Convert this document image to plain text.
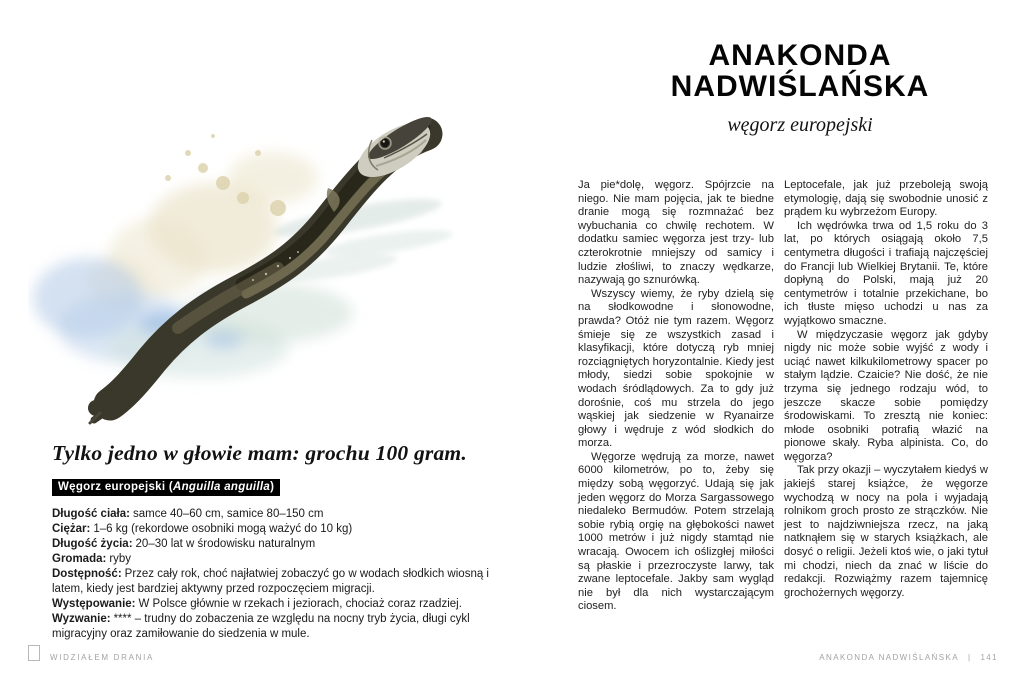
Tylko jedno w głowie mam: grochu 100 gram.
Węgorz europejski (Anguilla anguilla)

Długość ciała: samce 40–60 cm, samice 80–150 cm

Ciężar: 1–6 kg (rekordowe osobniki mogą ważyć do 10 kg)

Długość życia: 20–30 lat w środowisku naturalnym

Gromada: ryby

Dostępność: Przez cały rok, choć najłatwiej zobaczyć go w wodach słodkich wiosną i latem, kiedy jest bardziej aktywny przed rozpoczęciem migracji.

Występowanie: W Polsce głównie w rzekach i jeziorach, chociaż coraz rzadziej.

Wyzwanie: **** – trudny do zobaczenia ze względu na nocny tryb życia, długi cykl migracyjny oraz zamiłowanie do siedzenia w mule.

ANAKONDA NADWIŚLAŃSKA
węgorz europejski

Ja pie*dolę, węgorz. Spójrzcie na niego. Nie mam pojęcia, jak te biedne dranie mogą się rozmnażać bez wybuchania co chwilę rechotem. W dodatku samiec węgorza jest trzy- lub czterokrotnie mniejszy od samicy i ludzie złośliwi, to znaczy wędkarze, nazywają go sznurówką.

Wszyscy wiemy, że ryby dzielą się na słodkowodne i słonowodne, prawda? Otóż nie tym razem. Węgorz śmieje się ze wszystkich zasad i klasyfikacji, które dotyczą ryb mniej rozciągniętych horyzontalnie. Kiedy jest młody, siedzi sobie spokojnie w wodach śródlądowych. Za to gdy już dorośnie, coś mu strzela do jego wąskiej jak siedzenie w Ryanairze głowy i wędruje z wód słodkich do morza.

Węgorze wędrują za morze, nawet 6000 kilometrów, po to, żeby się między sobą węgorzyć. Udają się jak jeden węgorz do Morza Sargassowego niedaleko Bermudów. Potem strzelają sobie rybią orgię na głębokości nawet 1000 metrów i już nigdy stamtąd nie wracają. Owocem ich oślizgłej miłości są płaskie i przezroczyste larwy, tak zwane leptocefale. Jakby sam wygląd nie był dla nich wystarczającym ciosem.

Leptocefale, jak już przeboleją swoją etymologię, dają się swobodnie unosić z prądem ku wybrzeżom Europy.

Ich wędrówka trwa od 1,5 roku do 3 lat, po których osiągają około 7,5 centymetra długości i trafiają najczęściej do Francji lub Wielkiej Brytanii. Te, które dopłyną do Polski, mają już 20 centymetrów i totalnie przekichane, bo ich tłuste mięso uchodzi u nas za wyjątkowo smaczne.

W międzyczasie węgorz jak gdyby nigdy nic może sobie wyjść z wody i uciąć nawet kilkukilometrowy spacer po stałym lądzie. Czaicie? Nie dość, że nie trzyma się jednego rodzaju wód, to jeszcze skacze sobie pomiędzy środowiskami. To zresztą nie koniec: młode osobniki potrafią włazić na pionowe skały. Ryba alpinista. Co, do węgorza?

Tak przy okazji – wyczytałem kiedyś w jakiejś starej książce, że węgorze wychodzą w nocy na pola i wyjadają rolnikom groch prosto ze strączków. Nie jest to najdziwniejsza rzecz, na jaką natknąłem się w starych książkach, ale dosyć o religii. Jeżeli ktoś wie, o jaki tytuł mi chodzi, niech da znać w liście do redakcji. Rozwiążmy razem tajemnicę grochożernych węgorzy.

WIDZIAŁEM DRANIA	ANAKONDA NADWIŚLAŃSKA | 141
